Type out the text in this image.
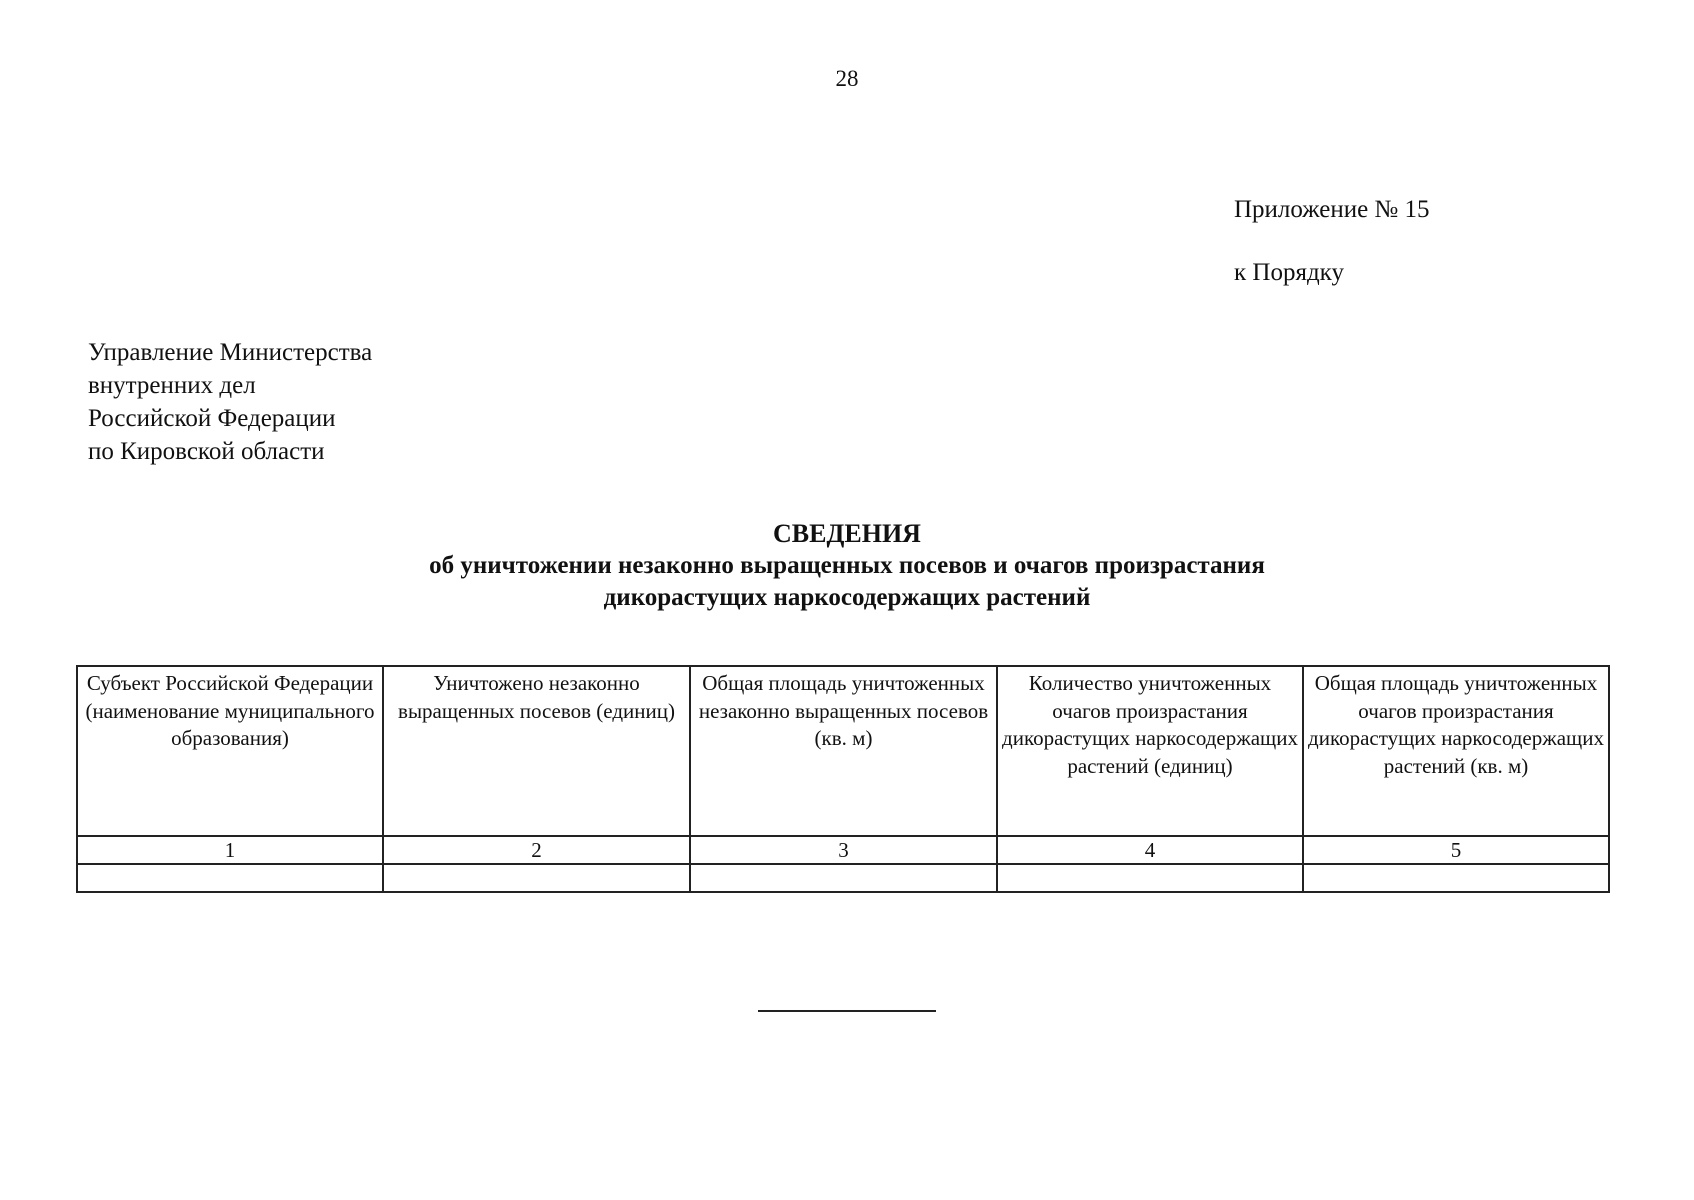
28
Приложение № 15
к Порядку
Управление Министерства
внутренних дел
Российской Федерации
по Кировской области
СВЕДЕНИЯ
об уничтожении незаконно выращенных посевов и очагов произрастания
дикорастущих наркосодержащих растений
Субъект Российской Федерации (наименование муниципального образования)	Уничтожено незаконно выращенных посевов (единиц)	Общая площадь уничтоженных незаконно выращенных посевов (кв. м)	Количество уничтоженных очагов произрастания дикорастущих наркосодержащих растений (единиц)	Общая площадь уничтоженных очагов произрастания дикорастущих наркосодержащих растений (кв. м)
1	2	3	4	5
